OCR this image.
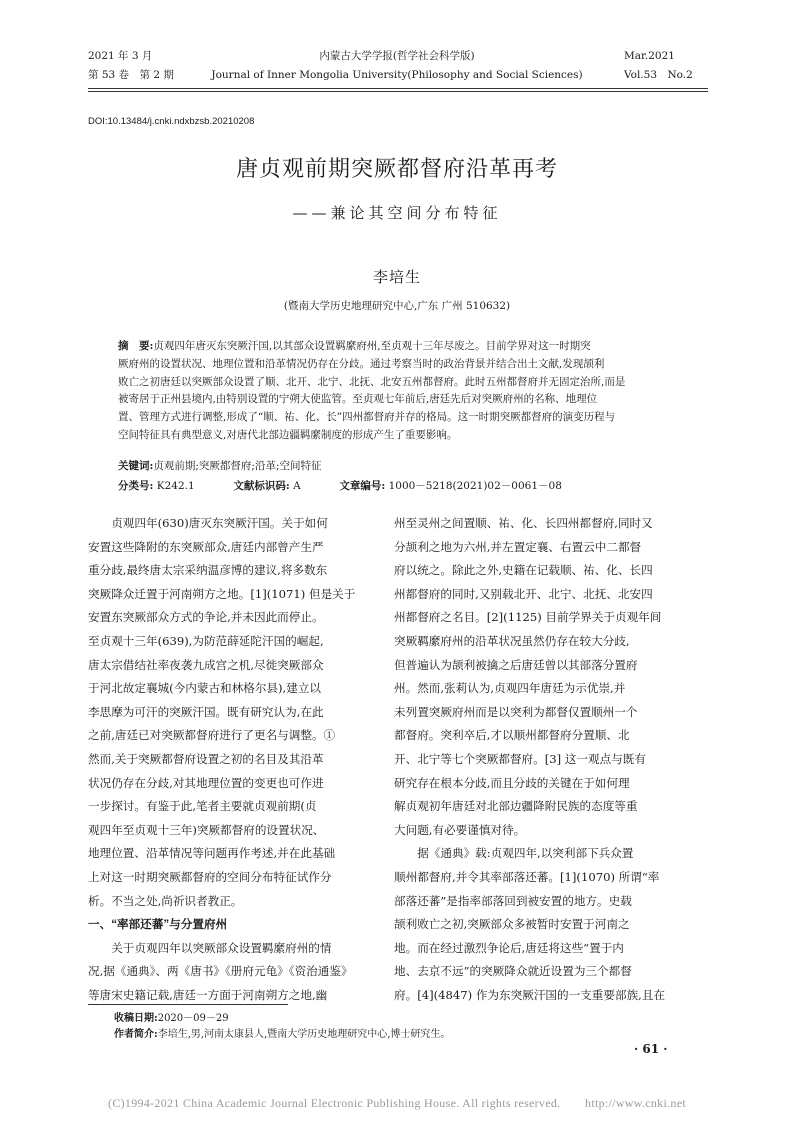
2021 年 3 月
第 53 卷　第 2 期
内蒙古大学学报(哲学社会科学版)
Journal of Inner Mongolia University(Philosophy and Social Sciences)
Mar.2021
Vol.53　No.2
DOI:10.13484/j.cnki.ndxbzsb.20210208
唐贞观前期突厥都督府沿革再考
——兼论其空间分布特征
李培生
(暨南大学历史地理研究中心,广东 广州 510632)
摘　要:贞观四年唐灭东突厥汗国,以其部众设置羁縻府州,至贞观十三年尽废之。目前学界对这一时期突
厥府州的设置状况、地理位置和沿革情况仍存在分歧。通过考察当时的政治背景并结合出土文献,发现颉利
败亡之初唐廷以突厥部众设置了顺、北开、北宁、北抚、北安五州都督府。此时五州都督府并无固定治所,而是
被寄居于正州县境内,由特别设置的宁朔大使监管。至贞观七年前后,唐廷先后对突厥府州的名称、地理位
置、管理方式进行调整,形成了“顺、祐、化、长”四州都督府并存的格局。这一时期突厥都督府的演变历程与
空间特征具有典型意义,对唐代北部边疆羁縻制度的形成产生了重要影响。
关键词:贞观前期;突厥都督府;沿革;空间特征
分类号: K242.1	文献标识码: A	文章编号: 1000－5218(2021)02－0061－08
　　贞观四年(630)唐灭东突厥汗国。关于如何
安置这些降附的东突厥部众,唐廷内部曾产生严
重分歧,最终唐太宗采纳温彦博的建议,将多数东
突厥降众迁置于河南朔方之地。[1](1071) 但是关于
安置东突厥部众方式的争论,并未因此而停止。
至贞观十三年(639),为防范薛延陀汗国的崛起,
唐太宗借结社率夜袭九成宫之机,尽徙突厥部众
于河北故定襄城(今内蒙古和林格尔县),建立以
李思摩为可汗的突厥汗国。既有研究认为,在此
之前,唐廷已对突厥都督府进行了更名与调整。①
然而,关于突厥都督府设置之初的名目及其沿革
状况仍存在分歧,对其地理位置的变更也可作进
一步探讨。有鉴于此,笔者主要就贞观前期(贞
观四年至贞观十三年)突厥都督府的设置状况、
地理位置、沿革情况等问题再作考述,并在此基础
上对这一时期突厥都督府的空间分布特征试作分
析。不当之处,尚祈识者教正。
一、“率部还蕃”与分置府州
　　关于贞观四年以突厥部众设置羁縻府州的情
况,据《通典》、两《唐书》《册府元龟》《资治通鉴》
等唐宋史籍记载,唐廷一方面于河南朔方之地,幽
州至灵州之间置顺、祐、化、长四州都督府,同时又
分颉利之地为六州,并左置定襄、右置云中二都督
府以统之。除此之外,史籍在记载顺、祐、化、长四
州都督府的同时,又别载北开、北宁、北抚、北安四
州都督府之名目。[2](1125) 目前学界关于贞观年间
突厥羁縻府州的沿革状况虽然仍存在较大分歧,
但普遍认为颉利被擒之后唐廷曾以其部落分置府
州。然而,张莉认为,贞观四年唐廷为示优崇,并
未列置突厥府州而是以突利为都督仅置顺州一个
都督府。突利卒后,才以顺州都督府分置顺、北
开、北宁等七个突厥都督府。[3] 这一观点与既有
研究存在根本分歧,而且分歧的关键在于如何理
解贞观初年唐廷对北部边疆降附民族的态度等重
大问题,有必要谨慎对待。
　　据《通典》载:贞观四年,以突利部下兵众置
顺州都督府,并令其率部落还蕃。[1](1070) 所谓“率
部落还蕃”是指率部落回到被安置的地方。史载
颉利败亡之初,突厥部众多被暂时安置于河南之
地。而在经过激烈争论后,唐廷将这些“置于内
地、去京不远”的突厥降众就近设置为三个都督
府。[4](4847) 作为东突厥汗国的一支重要部族,且在
收稿日期:2020－09－29
作者简介:李培生,男,河南太康县人,暨南大学历史地理研究中心,博士研究生。
· 61 ·
(C)1994-2021 China Academic Journal Electronic Publishing House. All rights reserved.　　http://www.cnki.net
